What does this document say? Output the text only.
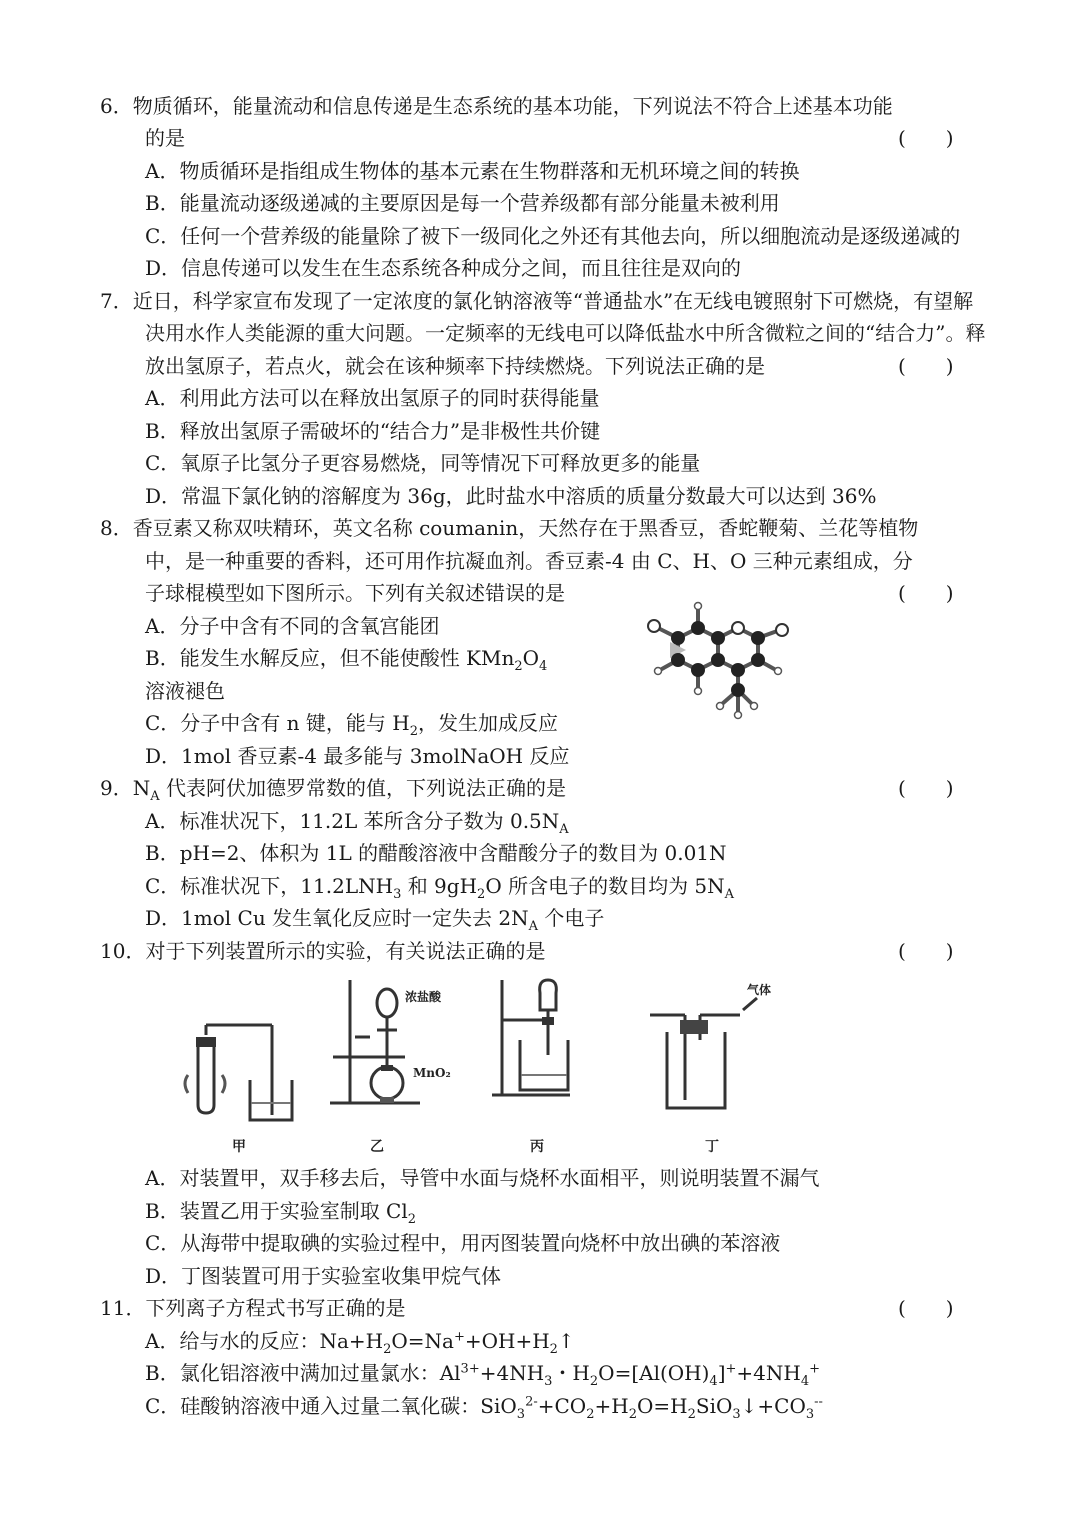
6．物质循环，能量流动和信息传递是生态系统的基本功能，下列说法不符合上述基本功能
的是	(　　)
A．物质循环是指组成生物体的基本元素在生物群落和无机环境之间的转换
B．能量流动逐级递减的主要原因是每一个营养级都有部分能量未被利用
C．任何一个营养级的能量除了被下一级同化之外还有其他去向，所以细胞流动是逐级递减的
D．信息传递可以发生在生态系统各种成分之间，而且往往是双向的
7．近日，科学家宣布发现了一定浓度的氯化钠溶液等“普通盐水”在无线电镀照射下可燃烧，有望解
决用水作人类能源的重大问题。一定频率的无线电可以降低盐水中所含微粒之间的“结合力”。释
放出氢原子，若点火，就会在该种频率下持续燃烧。下列说法正确的是	(　　)
A．利用此方法可以在释放出氢原子的同时获得能量
B．释放出氢原子需破坏的“结合力”是非极性共价键
C．氧原子比氢分子更容易燃烧，同等情况下可释放更多的能量
D．常温下氯化钠的溶解度为 36g，此时盐水中溶质的质量分数最大可以达到 36%
8．香豆素又称双呋精环，英文名称 coumanin，天然存在于黑香豆，香蛇鞭菊、兰花等植物
中，是一种重要的香料，还可用作抗凝血剂。香豆素-4 由 C、H、O 三种元素组成，分
子球棍模型如下图所示。下列有关叙述错误的是	(　　)
A．分子中含有不同的含氧宫能团
B．能发生水解反应，但不能使酸性 $KMn_2O_4$
溶液褪色
C．分子中含有 n 键，能与 $H_2$，发生加成反应
D．1mol 香豆素-4 最多能与 3molNaOH 反应
9．$N_A$ 代表阿伏加德罗常数的值，下列说法正确的是	(　　)
A．标准状况下，11.2L 苯所含分子数为 $0.5N_A$
B．pH=2、体积为 1L 的醋酸溶液中含醋酸分子的数目为 0.01N
C．标准状况下，$11.2LNH_3$ 和 $9gH_2O$ 所含电子的数目均为 $5N_A$
D．1mol Cu 发生氧化反应时一定失去 $2N_A$ 个电子
10．对于下列装置所示的实验，有关说法正确的是	(　　)
浓盐酸
MnO₂
气体
甲	乙	丙	丁
A．对装置甲，双手移去后，导管中水面与烧杯水面相平，则说明装置不漏气
B．装置乙用于实验室制取 $Cl_2$
C．从海带中提取碘的实验过程中，用丙图装置向烧杯中放出碘的苯溶液
D．丁图装置可用于实验室收集甲烷气体
11．下列离子方程式书写正确的是	(　　)
A．给与水的反应：$Na+H_2O=Na^++OH+H_2↑$
B．氯化铝溶液中满加过量氯水：$Al^{3+}+4NH_3$・$H_2O=[Al(OH)_4]^++4NH_4^+$
C．硅酸钠溶液中通入过量二氧化碳：$SiO_3^{2-}+CO_2+H_2O=H_2SiO_3↓+CO_3^{--}$
